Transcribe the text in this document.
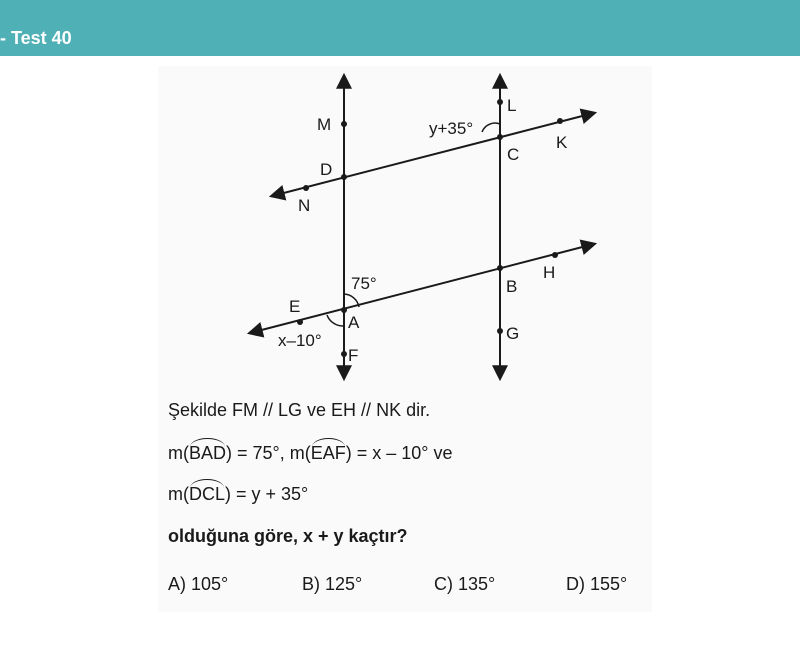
- Test 40
M
D
N
L
C
K
y+35°
75°	B
H
E
A
x–10°	G
F
Şekilde FM // LG ve EH // NK dir.
m(BAD) = 75°, m(EAF) = x – 10° ve
m(DCL) = y + 35°
olduğuna göre, x + y kaçtır?
A) 105°	B) 125°	C) 135°	D) 155°
